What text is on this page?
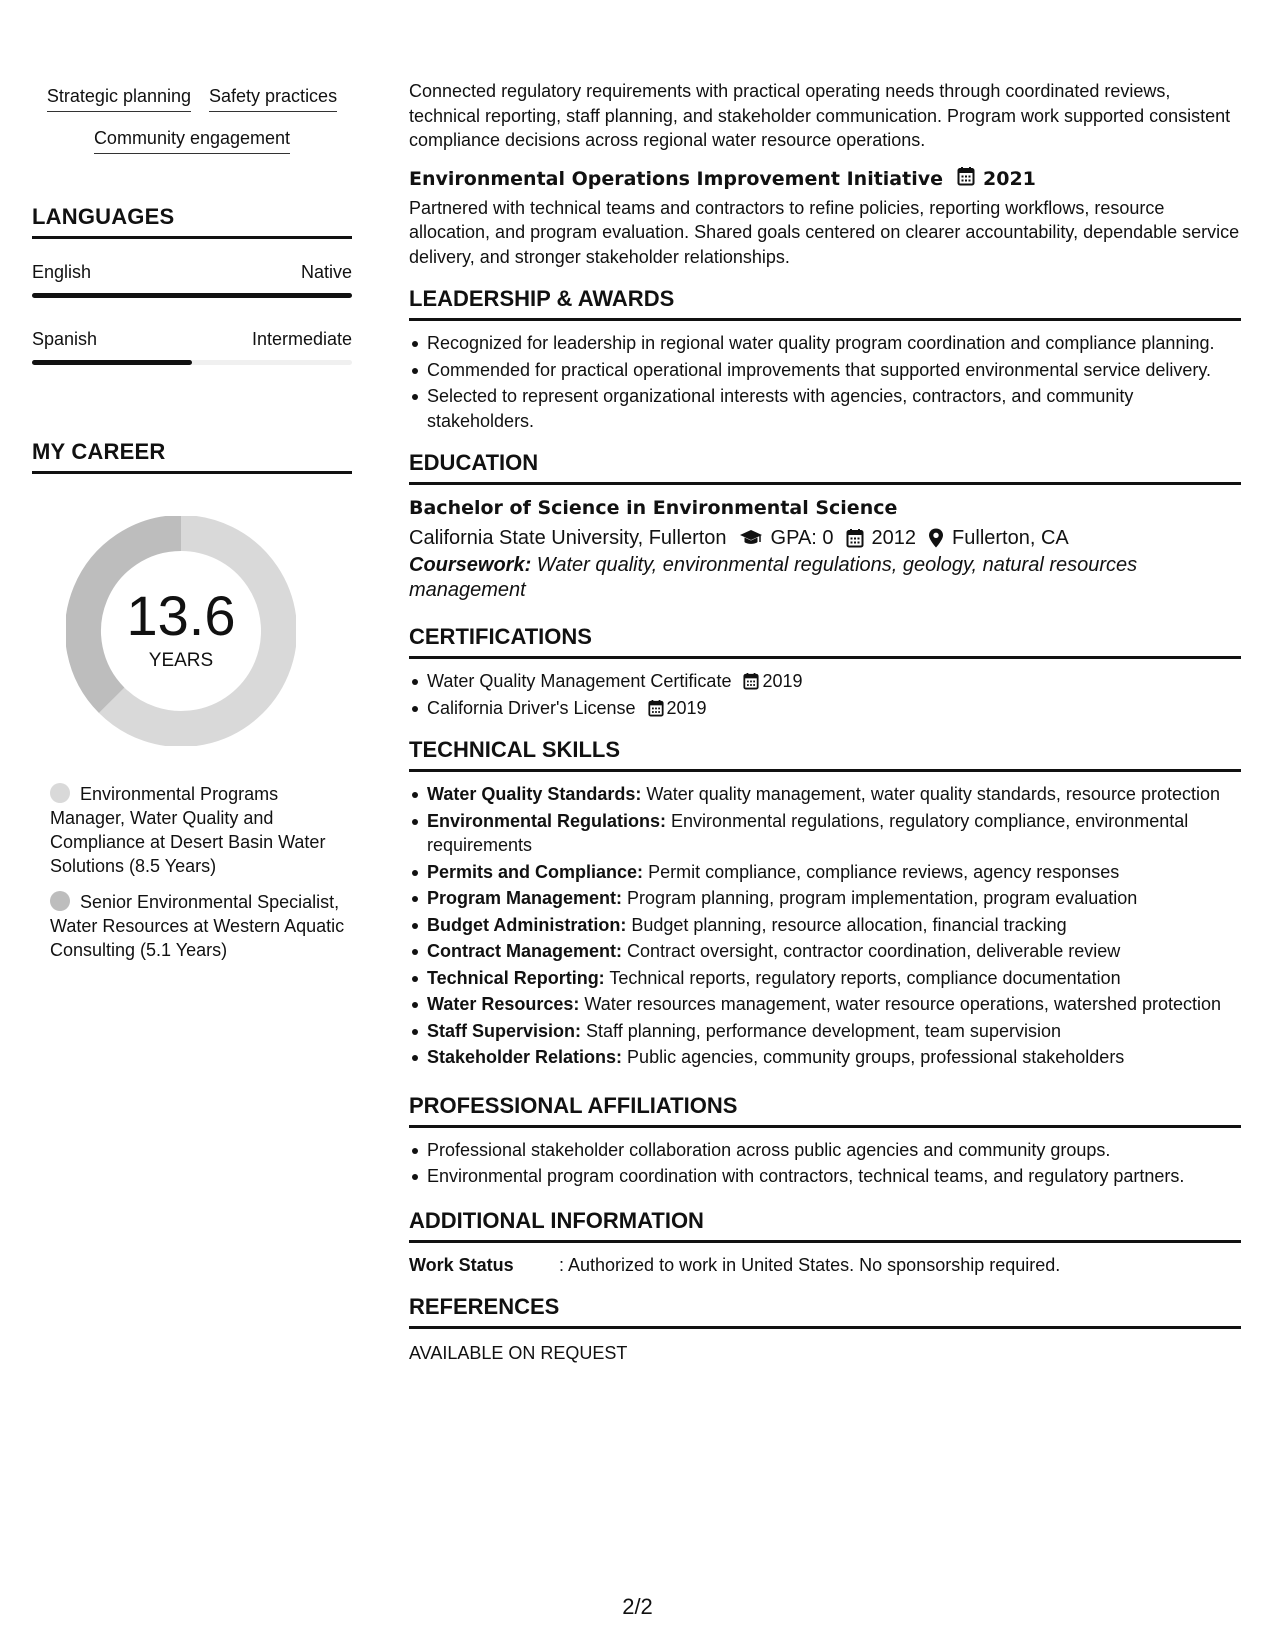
Strategic planning Safety practices
Community engagement
LANGUAGES
English	Native
Spanish	Intermediate
MY CAREER
13.6
YEARS
Environmental Programs Manager, Water Quality and Compliance at Desert Basin Water Solutions (8.5 Years)
Senior Environmental Specialist, Water Resources at Western Aquatic Consulting (5.1 Years)
Connected regulatory requirements with practical operating needs through coordinated reviews, technical reporting, staff planning, and stakeholder communication. Program work supported consistent compliance decisions across regional water resource operations.
Environmental Operations Improvement Initiative 2021
Partnered with technical teams and contractors to refine policies, reporting workflows, resource allocation, and program evaluation. Shared goals centered on clearer accountability, dependable service delivery, and stronger stakeholder relationships.
LEADERSHIP & AWARDS
Recognized for leadership in regional water quality program coordination and compliance planning.
Commended for practical operational improvements that supported environmental service delivery.
Selected to represent organizational interests with agencies, contractors, and community stakeholders.
EDUCATION
Bachelor of Science in Environmental Science
California State University, Fullerton GPA: 0 2012 Fullerton, CA
Coursework: Water quality, environmental regulations, geology, natural resources management
CERTIFICATIONS
Water Quality Management Certificate 2019
California Driver's License 2019
TECHNICAL SKILLS
Water Quality Standards: Water quality management, water quality standards, resource protection
Environmental Regulations: Environmental regulations, regulatory compliance, environmental requirements
Permits and Compliance: Permit compliance, compliance reviews, agency responses
Program Management: Program planning, program implementation, program evaluation
Budget Administration: Budget planning, resource allocation, financial tracking
Contract Management: Contract oversight, contractor coordination, deliverable review
Technical Reporting: Technical reports, regulatory reports, compliance documentation
Water Resources: Water resources management, water resource operations, watershed protection
Staff Supervision: Staff planning, performance development, team supervision
Stakeholder Relations: Public agencies, community groups, professional stakeholders
PROFESSIONAL AFFILIATIONS
Professional stakeholder collaboration across public agencies and community groups.
Environmental program coordination with contractors, technical teams, and regulatory partners.
ADDITIONAL INFORMATION
Work Status	: Authorized to work in United States. No sponsorship required.
REFERENCES
AVAILABLE ON REQUEST
2/2
